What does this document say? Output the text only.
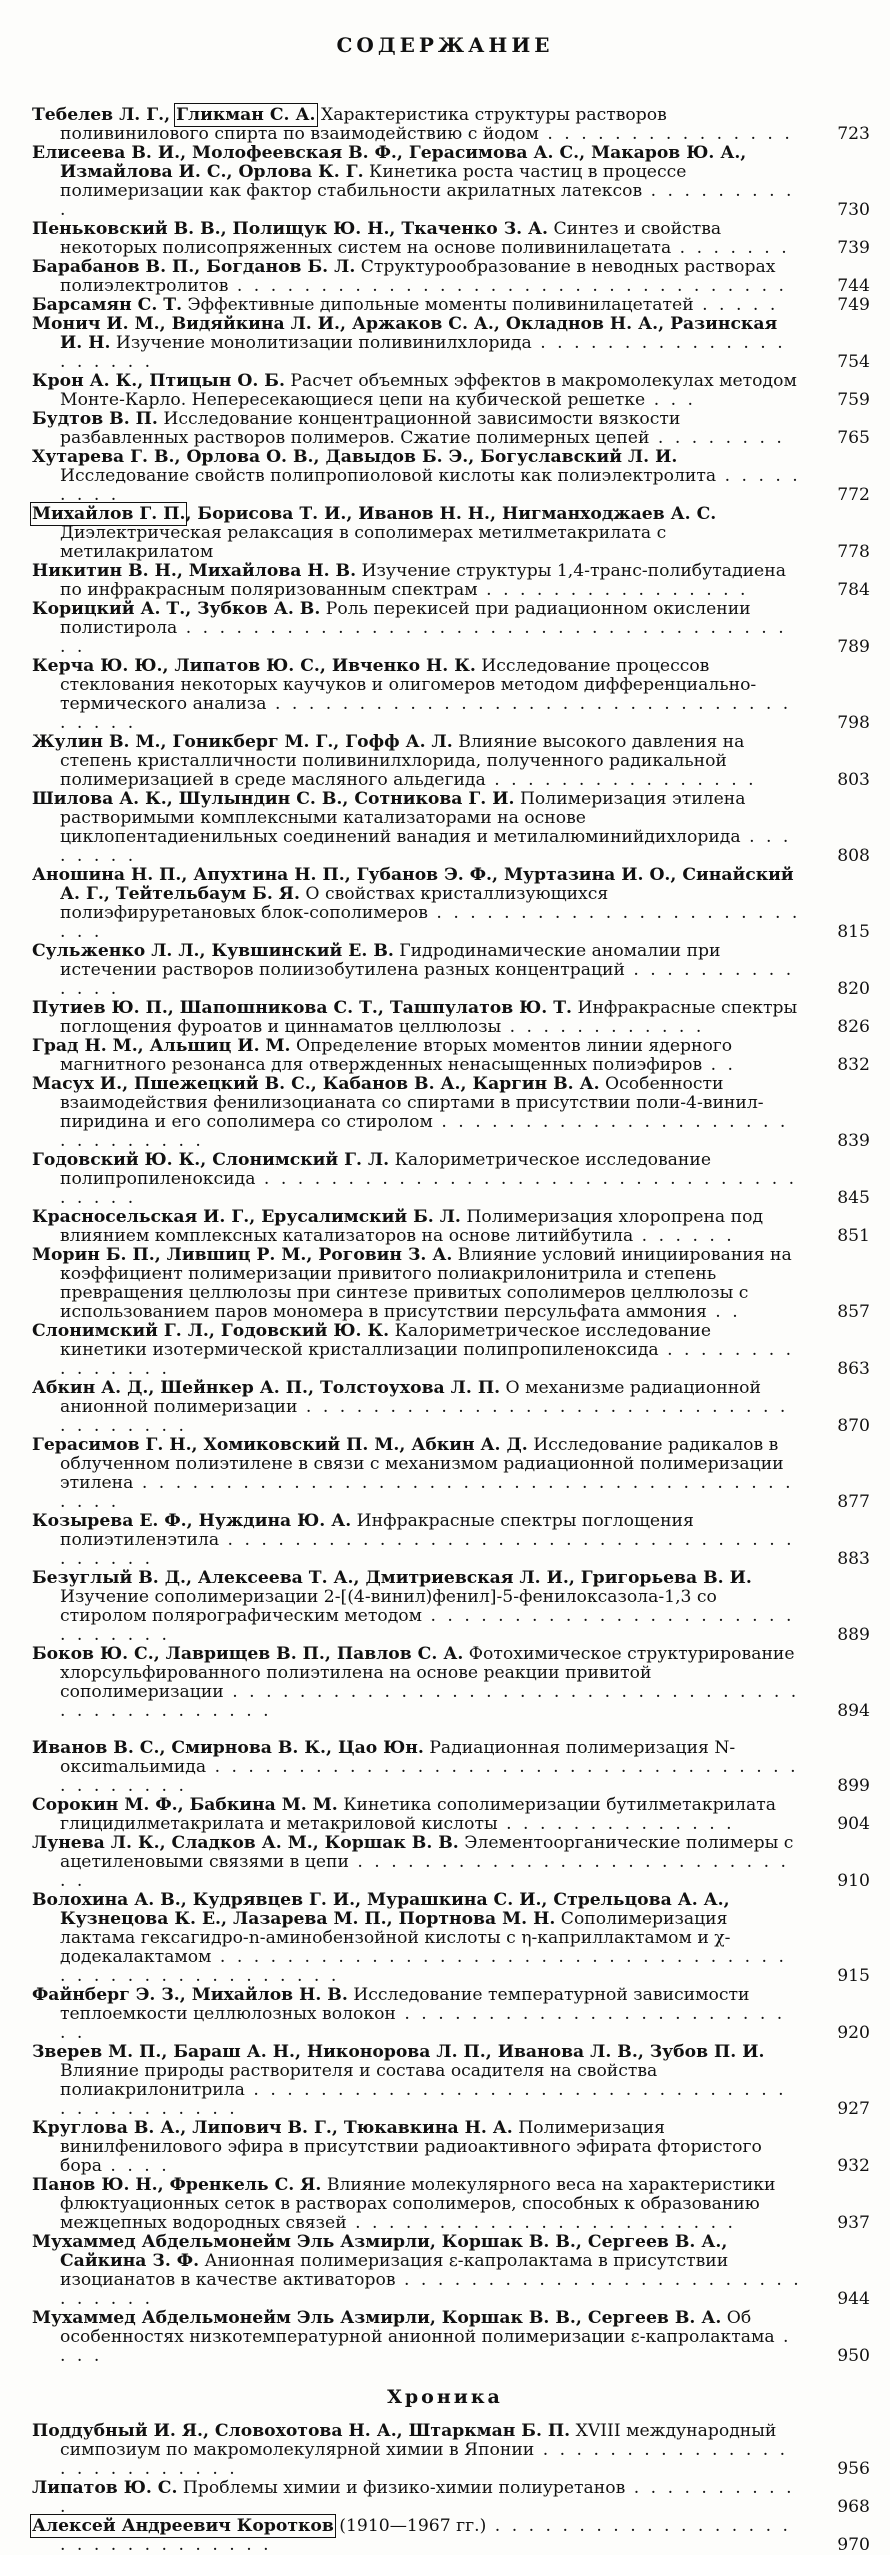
СОДЕРЖАНИЕ
Тебелев Л. Г., Гликман С. А. Характеристика структуры растворов поливинилового спирта по взаимодействию с йодом . . . . . . . . . . . . . . .	723
Елисеева В. И., Молофеевская В. Ф., Герасимова А. С., Макаров Ю. А., Измайлова И. С., Орлова К. Г. Кинетика роста частиц в процессе полимеризации как фактор стабильности акрилатных латексов . . . . . . . . . .	730
Пеньковский В. В., Полищук Ю. Н., Ткаченко З. А. Синтез и свойства некоторых полисопряженных систем на основе поливинилацетата . . . . . . .	739
Барабанов В. П., Богданов Б. Л. Структурообразование в неводных растворах полиэлектролитов . . . . . . . . . . . . . . . . . . . . . . . . . . . . . . . . .	744
Барсамян С. Т. Эффективные дипольные моменты поливинилацетатей . . . . .	749
Монич И. М., Видяйкина Л. И., Аржаков С. А., Окладнов Н. А., Разинская И. Н. Изучение монолитизации поливинилхлорида . . . . . . . . . . . . . . . . . . . . .	754
Крон А. К., Птицын О. Б. Расчет объемных эффектов в макромолекулах методом Монте-Карло. Непересекающиеся цепи на кубической решетке . . .	759
Будтов В. П. Исследование концентрационной зависимости вязкости разбавленных растворов полимеров. Сжатие полимерных цепей . . . . . . . .	765
Хутарева Г. В., Орлова О. В., Давыдов Б. Э., Богуславский Л. И. Исследование свойств полипропиоловой кислоты как полиэлектролита . . . . . . . . .	772
Михайлов Г. П., Борисова Т. И., Иванов Н. Н., Нигманходжаев А. С. Диэлектрическая релаксация в сополимерах метилметакрилата с метилакрилатом	778
Никитин В. Н., Михайлова Н. В. Изучение структуры 1,4-транс-полибутадиена по инфракрасным поляризованным спектрам . . . . . . . . . . . . . . . .	784
Корицкий А. Т., Зубков А. В. Роль перекисей при радиационном окислении полистирола . . . . . . . . . . . . . . . . . . . . . . . . . . . . . . . . . . . . . .	789
Керча Ю. Ю., Липатов Ю. С., Ивченко Н. К. Исследование процессов стеклования некоторых каучуков и олигомеров методом дифференциально-термического анализа . . . . . . . . . . . . . . . . . . . . . . . . . . . . . . . . . . . .	798
Жулин В. М., Гоникберг М. Г., Гофф А. Л. Влияние высокого давления на степень кристалличности поливинилхлорида, полученного радикальной полимеризацией в среде масляного альдегида . . . . . . . . . . . . . . . .	803
Шилова А. К., Шулындин С. В., Сотникова Г. И. Полимеризация этилена растворимыми комплексными катализаторами на основе циклопентадиенильных соединений ванадия и метилалюминийдихлорида . . . . . . . .	808
Аношина Н. П., Апухтина Н. П., Губанов Э. Ф., Муртазина И. О., Синайский А. Г., Тейтельбаум Б. Я. О свойствах кристаллизующихся полиэфируретановых блок-сополимеров . . . . . . . . . . . . . . . . . . . . . . . . .	815
Сульженко Л. Л., Кувшинский Е. В. Гидродинамические аномалии при истечении растворов полиизобутилена разных концентраций . . . . . . . . . . . . . .	820
Путиев Ю. П., Шапошникова С. Т., Ташпулатов Ю. Т. Инфракрасные спектры поглощения фуроатов и циннаматов целлюлозы . . . . . . . . . . . .	826
Град Н. М., Альшиц И. М. Определение вторых моментов линии ядерного магнитного резонанса для отвержденных ненасыщенных полиэфиров . .	832
Масух И., Пшежецкий В. С., Кабанов В. А., Каргин В. А. Особенности взаимодействия фенилизоцианата со спиртами в присутствии поли-4-винил-пиридина и его сополимера со стиролом . . . . . . . . . . . . . . . . . . . . . . . . . . . . . .	839
Годовский Ю. К., Слонимский Г. Л. Калориметрическое исследование полипропиленоксида . . . . . . . . . . . . . . . . . . . . . . . . . . . . . . . . . . . . .	845
Красносельская И. Г., Ерусалимский Б. Л. Полимеризация хлоропрена под влиянием комплексных катализаторов на основе литийбутила . . . . . .	851
Морин Б. П., Лившиц Р. М., Роговин З. А. Влияние условий инициирования на коэффициент полимеризации привитого полиакрилонитрила и степень превращения целлюлозы при синтезе привитых сополимеров целлюлозы с использованием паров мономера в присутствии персульфата аммония . .	857
Слонимский Г. Л., Годовский Ю. К. Калориметрическое исследование кинетики изотермической кристаллизации полипропиленоксида . . . . . . . . . . . . . . .	863
Абкин А. Д., Шейнкер А. П., Толстоухова Л. П. О механизме радиационной анионной полимеризации . . . . . . . . . . . . . . . . . . . . . . . . . . . . . . . . . . . . .	870
Герасимов Г. Н., Хомиковский П. М., Абкин А. Д. Исследование радикалов в облученном полиэтилене в связи с механизмом радиационной полимеризации этилена . . . . . . . . . . . . . . . . . . . . . . . . . . . . . . . . . . . . . . . . . . .	877
Козырева Е. Ф., Нуждина Ю. А. Инфракрасные спектры поглощения полиэтиленэтила . . . . . . . . . . . . . . . . . . . . . . . . . . . . . . . . . . . . . . . .	883
Безуглый В. Д., Алексеева Т. А., Дмитриевская Л. И., Григорьева В. И. Изучение сополимеризации 2-[(4-винил)фенил]-5-фенилоксазола-1,3 со стиролом полярографическим методом . . . . . . . . . . . . . . . . . . . . . . . . . . . . .	889
Боков Ю. С., Лаврищев В. П., Павлов С. А. Фотохимическое структурирование хлорсульфированного полиэтилена на основе реакции привитой сополимеризации . . . . . . . . . . . . . . . . . . . . . . . . . . . . . . . . . . . . . . . . . . . . . . .	894
Иванов В. С., Смирнова В. К., Цао Юн. Радиационная полимеризация N-оксиmальимида . . . . . . . . . . . . . . . . . . . . . . . . . . . . . . . . . . . . . . . . . . .	899
Сорокин М. Ф., Бабкина М. М. Кинетика сополимеризации бутилметакрилата глицидилметакрилата и метакриловой кислоты . . . . . . . . . . . . . .	904
Лунева Л. К., Сладков А. М., Коршак В. В. Элементоорганические полимеры с ацетиленовыми связями в цепи . . . . . . . . . . . . . . . . . . . . . . . . . . . .	910
Волохина А. В., Кудрявцев Г. И., Мурашкина С. И., Стрельцова А. А., Кузнецова К. Е., Лазарева М. П., Портнова М. Н. Сополимеризация лактама гексагидро-n-аминобензойной кислоты с η-каприллактамом и χ-додекалактамом . . . . . . . . . . . . . . . . . . . . . . . . . . . . . . . . . . . . . . . . . . . . . . . . . . .	915
Файнберг Э. З., Михайлов Н. В. Исследование температурной зависимости теплоемкости целлюлозных волокон . . . . . . . . . . . . . . . . . . . . . . . . .	920
Зверев М. П., Бараш А. Н., Никонорова Л. П., Иванова Л. В., Зубов П. И. Влияние природы растворителя и состава осадителя на свойства полиакрилонитрила . . . . . . . . . . . . . . . . . . . . . . . . . . . . . . . . . . . . . . . . . . .	927
Круглова В. А., Липович В. Г., Тюкавкина Н. А. Полимеризация винилфенилового эфира в присутствии радиоактивного эфирата фтористого бора . . . .	932
Панов Ю. Н., Френкель С. Я. Влияние молекулярного веса на характеристики флюктуационных сеток в растворах сополимеров, способных к образованию межцепных водородных связей . . . . . . . . . . . . . . . . . . . . . . .	937
Мухаммед Абдельмонейм Эль Азмирли, Коршак В. В., Сергеев В. А., Сайкина З. Ф. Анионная полимеризация ε-капролактама в присутствии изоцианатов в качестве активаторов . . . . . . . . . . . . . . . . . . . . . . . . . . . . . .	944
Мухаммед Абдельмонейм Эль Азмирли, Коршак В. В., Сергеев В. А. Об особенностях низкотемпературной анионной полимеризации ε-капролактама . . . .	950
Хроника
Поддубный И. Я., Словохотова Н. А., Штаркман Б. П. XVIII международный симпозиум по макромолекулярной химии в Японии . . . . . . . . . . . . . . . . . . . . . . . . . .	956
Липатов Ю. С. Проблемы химии и физико-химии полиуретанов . . . . . . . . . . .	968
Алексей Андреевич Коротков (1910—1967 гг.) . . . . . . . . . . . . . . . . . . . . . . . . . . . . . . .	970
